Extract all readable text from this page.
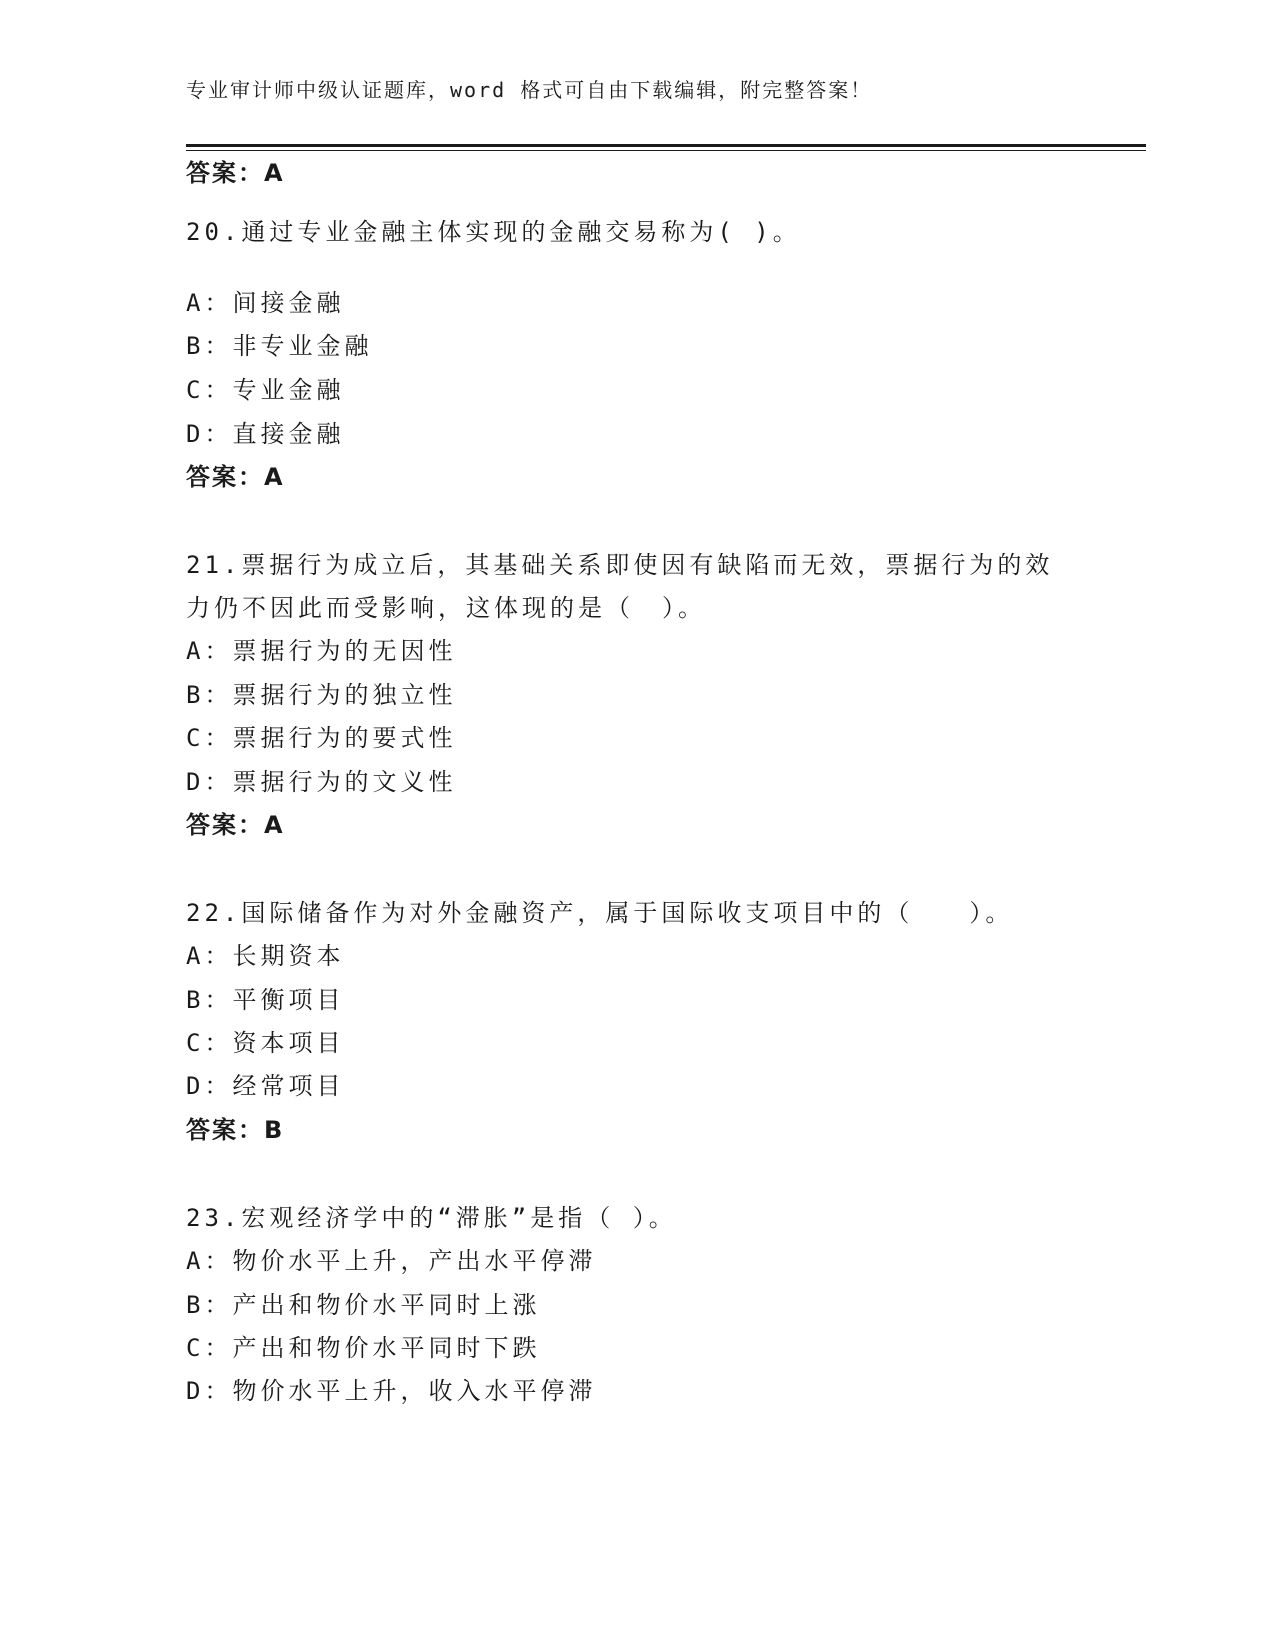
专业审计师中级认证题库，word 格式可自由下载编辑，附完整答案！
答案：A
20.通过专业金融主体实现的金融交易称为( )。
A：间接金融
B：非专业金融
C：专业金融
D：直接金融
答案：A
21.票据行为成立后，其基础关系即使因有缺陷而无效，票据行为的效
力仍不因此而受影响，这体现的是（　）。
A：票据行为的无因性
B：票据行为的独立性
C：票据行为的要式性
D：票据行为的文义性
答案：A
22.国际储备作为对外金融资产，属于国际收支项目中的（　　）。
A：长期资本
B：平衡项目
C：资本项目
D：经常项目
答案：B
23.宏观经济学中的“滞胀”是指（ ）。
A：物价水平上升，产出水平停滞
B：产出和物价水平同时上涨
C：产出和物价水平同时下跌
D：物价水平上升，收入水平停滞
